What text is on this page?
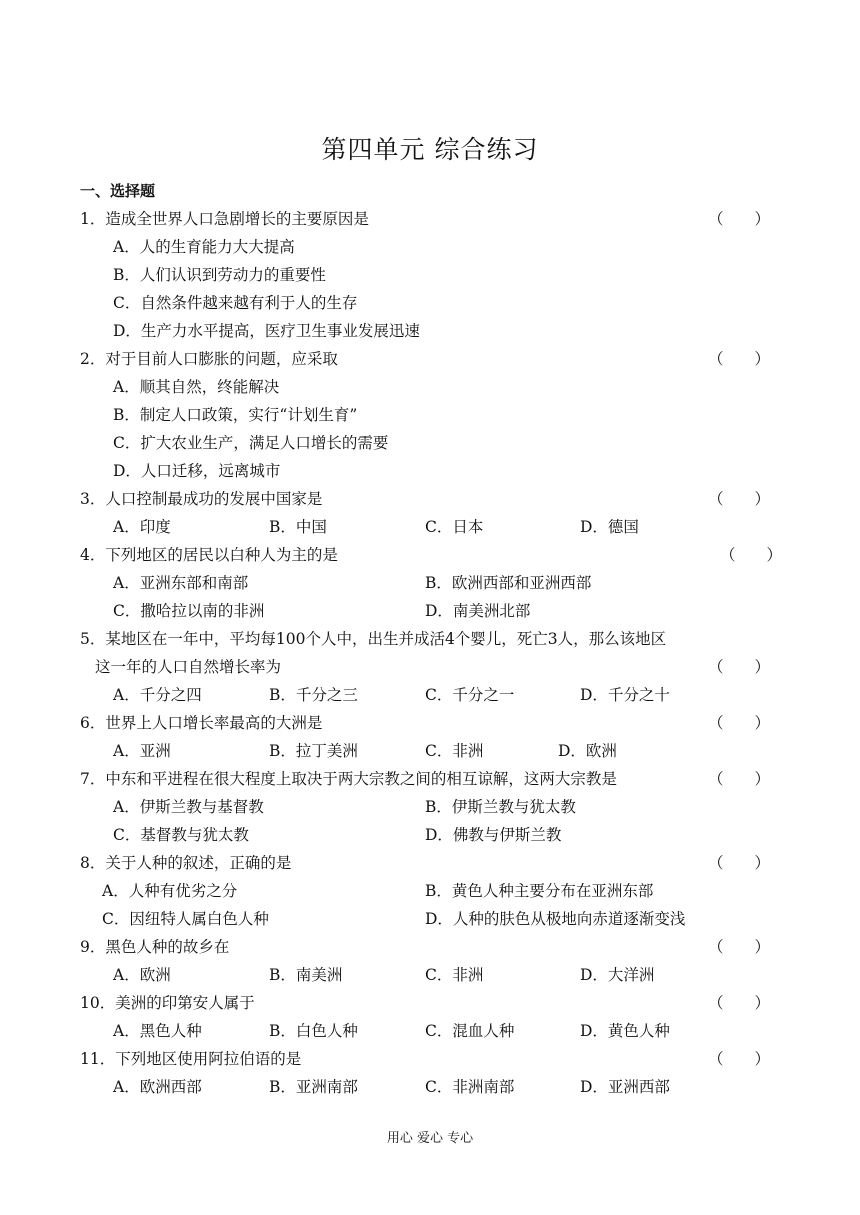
第四单元 综合练习
一、选择题
1．造成全世界人口急剧增长的主要原因是	（　　）
A．人的生育能力大大提高
B．人们认识到劳动力的重要性
C．自然条件越来越有利于人的生存
D．生产力水平提高，医疗卫生事业发展迅速
2．对于目前人口膨胀的问题，应采取	（　　）
A．顺其自然，终能解决
B．制定人口政策，实行“计划生育”
C．扩大农业生产，满足人口增长的需要
D．人口迁移，远离城市
3．人口控制最成功的发展中国家是	（　　）
A．印度	B．中国	C．日本	D．德国
4．下列地区的居民以白种人为主的是	（　　）
A．亚洲东部和南部	B．欧洲西部和亚洲西部
C．撒哈拉以南的非洲	D．南美洲北部
5．某地区在一年中，平均每100个人中，出生并成活4个婴儿，死亡3人，那么该地区
这一年的人口自然增长率为	（　　）
A．千分之四	B．千分之三	C．千分之一	D．千分之十
6．世界上人口增长率最高的大洲是	（　　）
A．亚洲	B．拉丁美洲	C．非洲	D．欧洲
7．中东和平进程在很大程度上取决于两大宗教之间的相互谅解，这两大宗教是	（　　）
A．伊斯兰教与基督教	B．伊斯兰教与犹太教
C．基督教与犹太教	D．佛教与伊斯兰教
8．关于人种的叙述，正确的是	（　　）
A．人种有优劣之分	B．黄色人种主要分布在亚洲东部
C．因纽特人属白色人种	D．人种的肤色从极地向赤道逐渐变浅
9．黑色人种的故乡在	（　　）
A．欧洲	B．南美洲	C．非洲	D．大洋洲
10．美洲的印第安人属于	（　　）
A．黑色人种	B．白色人种	C．混血人种	D．黄色人种
11．下列地区使用阿拉伯语的是	（　　）
A．欧洲西部	B．亚洲南部	C．非洲南部	D．亚洲西部
用心 爱心 专心
